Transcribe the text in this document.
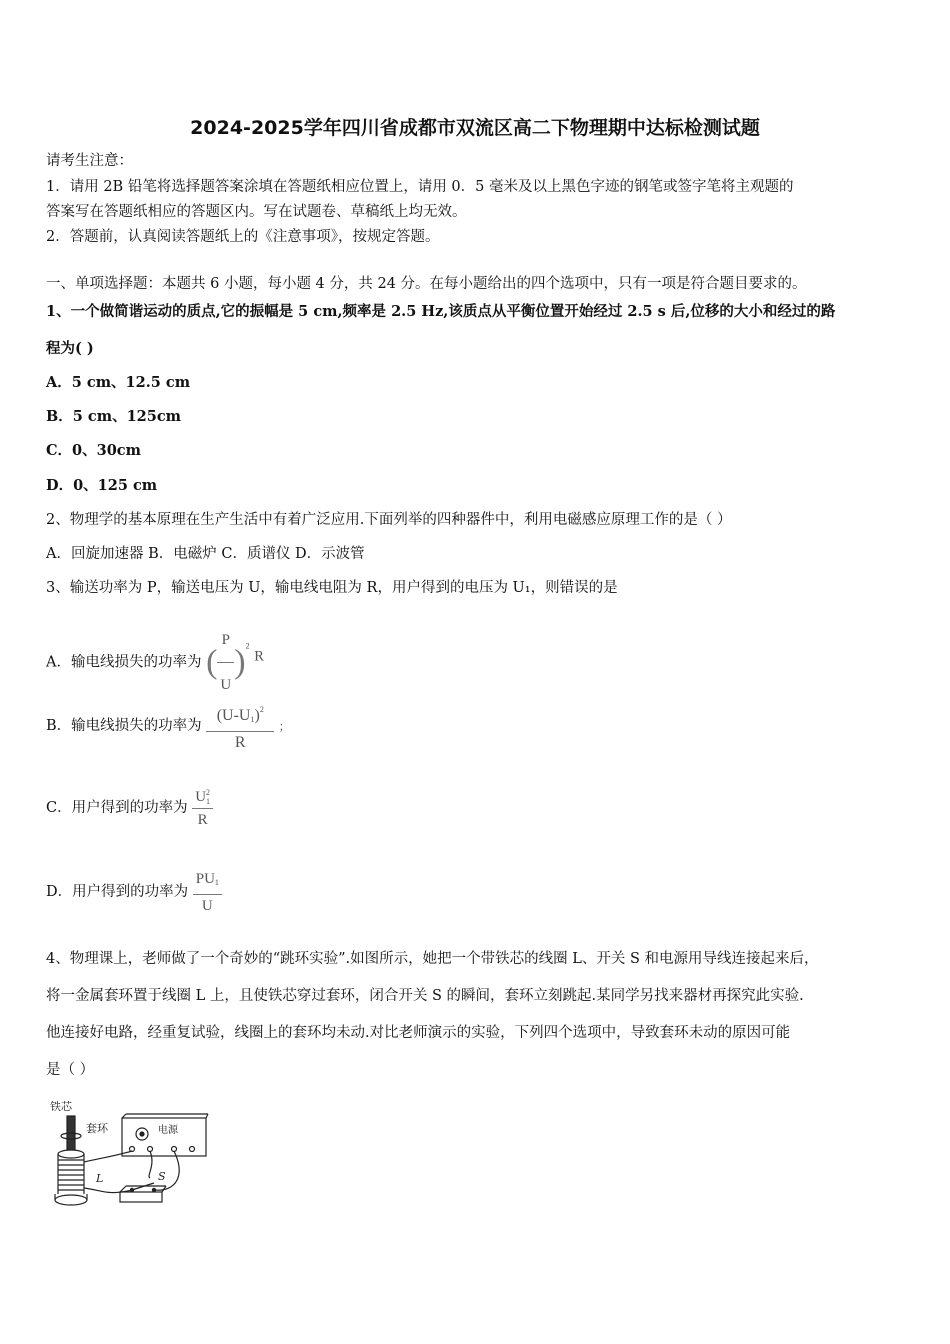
2024-2025学年四川省成都市双流区高二下物理期中达标检测试题
请考生注意：
1．请用 2B 铅笔将选择题答案涂填在答题纸相应位置上，请用 0．5 毫米及以上黑色字迹的钢笔或签字笔将主观题的
答案写在答题纸相应的答题区内。写在试题卷、草稿纸上均无效。
2．答题前，认真阅读答题纸上的《注意事项》，按规定答题。
一、单项选择题：本题共 6 小题，每小题 4 分，共 24 分。在每小题给出的四个选项中，只有一项是符合题目要求的。
1、一个做简谐运动的质点,它的振幅是 5 cm,频率是 2.5 Hz,该质点从平衡位置开始经过 2.5 s 后,位移的大小和经过的路
程为( )
A．5 cm、12.5 cm
B．5 cm、125cm
C．0、30cm
D．0、125 cm
2、物理学的基本原理在生产生活中有着广泛应用.下面列举的四种器件中，利用电磁感应原理工作的是（ ）
A．回旋加速器 B．电磁炉 C．质谱仪 D．示波管
3、输送功率为 P，输送电压为 U，输电线电阻为 R，用户得到的电压为 U₁，则错误的是
A．输电线损失的功率为 ( $\frac{P}{U} )^2$ R
B．输电线损失的功率为 $\frac{(U-U_1)^2}{R}$ ；
C．用户得到的功率为 U 2
1
R
D．用户得到的功率为 $\frac{PU_1}{U}$
4、物理课上，老师做了一个奇妙的“跳环实验”.如图所示，她把一个带铁芯的线圈 L、开关 S 和电源用导线连接起来后，
将一金属套环置于线圈 L 上，且使铁芯穿过套环，闭合开关 S 的瞬间，套环立刻跳起.某同学另找来器材再探究此实验.
他连接好电路，经重复试验，线圈上的套环均未动.对比老师演示的实验，下列四个选项中，导致套环未动的原因可能
是（ ）
铁芯
套环	电源
L	S
